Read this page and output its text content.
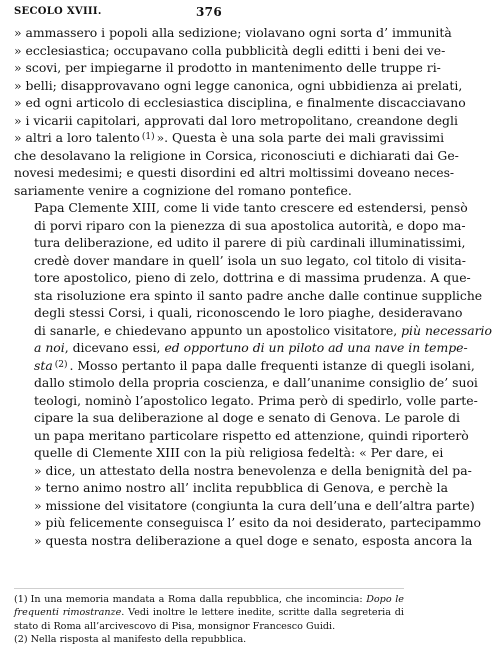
SECOLO XVIII.	376

» ammassero i popoli alla sedizione; violavano ogni sorta d’ immunità
» ecclesiastica; occupavano colla pubblicità degli editti i beni dei ve-
» scovi, per impiegarne il prodotto in mantenimento delle truppe ri-
» belli; disapprovavano ogni legge canonica, ogni ubbidienza ai prelati,
» ed ogni articolo di ecclesiastica disciplina, e finalmente discacciavano
» i vicarii capitolari, approvati dal loro metropolitano, creandone degli
» altri a loro talento $^{(1)}$ ». Questa è una sola parte dei mali gravissimi
che desolavano la religione in Corsica, riconosciuti e dichiarati dai Ge-
novesi medesimi; e questi disordini ed altri moltissimi doveano neces-
sariamente venire a cognizione del romano pontefice.

Papa Clemente XIII, come li vide tanto crescere ed estendersi, pensò
di porvi riparo con la pienezza di sua apostolica autorità, e dopo ma-
tura deliberazione, ed udito il parere di più cardinali illuminatissimi,
credè dover mandare in quell’ isola un suo legato, col titolo di visita-
tore apostolico, pieno di zelo, dottrina e di massima prudenza. A que-
sta risoluzione era spinto il santo padre anche dalle continue suppliche
degli stessi Corsi, i quali, riconoscendo le loro piaghe, desideravano
di sanarle, e chiedevano appunto un apostolico visitatore, più necessario
a noi, dicevano essi, ed opportuno di un piloto ad una nave in tempe-
sta $^{(2)}$ . Mosso pertanto il papa dalle frequenti istanze di quegli isolani,
dallo stimolo della propria coscienza, e dall’unanime consiglio de’ suoi
teologi, nominò l’apostolico legato. Prima però di spedirlo, volle parte-
cipare la sua deliberazione al doge e senato di Genova. Le parole di
un papa meritano particolare rispetto ed attenzione, quindi riporterò
quelle di Clemente XIII con la più religiosa fedeltà: « Per dare, ei
» dice, un attestato della nostra benevolenza e della benignità del pa-
» terno animo nostro all’ inclita repubblica di Genova, e perchè la
» missione del visitatore (congiunta la cura dell’una e dell’altra parte)
» più felicemente conseguisca l’ esito da noi desiderato, partecipammo
» questa nostra deliberazione a quel doge e senato, esposta ancora la

(1) In una memoria mandata a Roma dalla repubblica, che incomincia: Dopo le frequenti rimostranze. Vedi inoltre le lettere inedite, scritte dalla segreteria di stato di Roma all’arcivescovo di Pisa, monsignor Francesco Guidi.

(2) Nella risposta al manifesto della repubblica.
